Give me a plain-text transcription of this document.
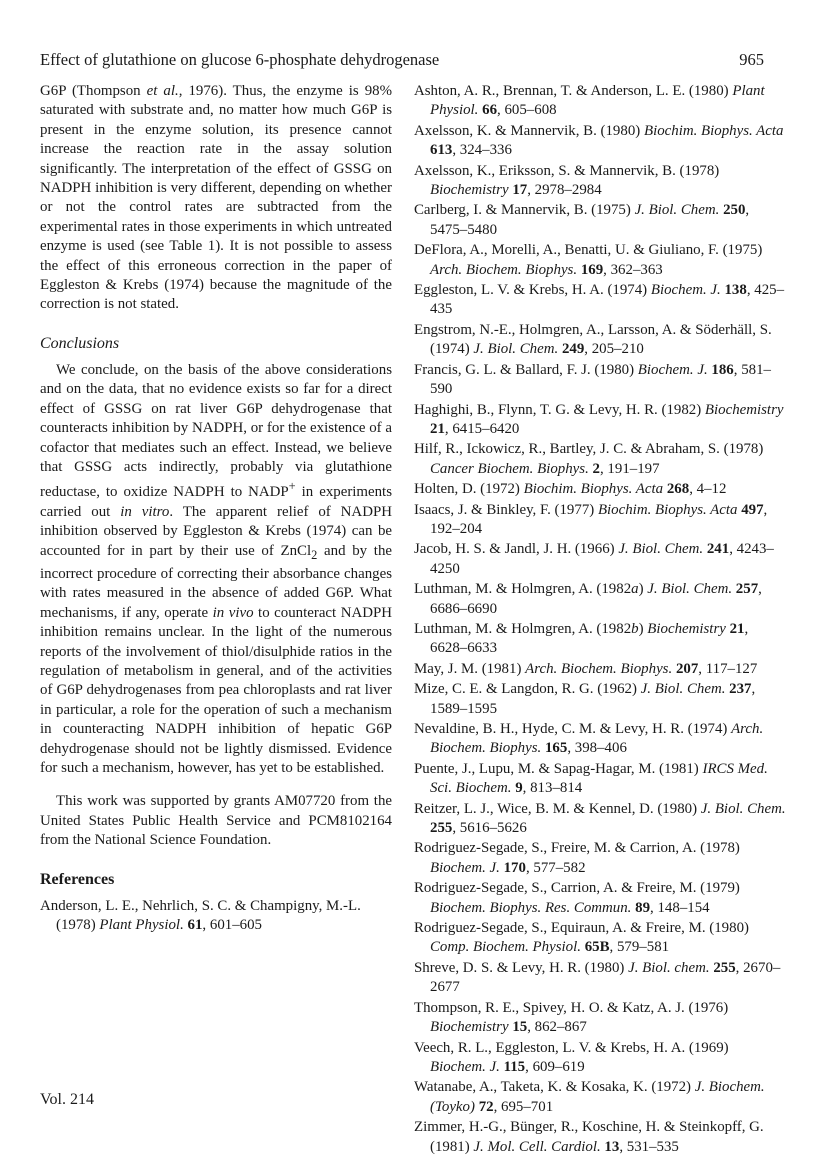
Effect of glutathione on glucose 6-phosphate dehydrogenase	965

G6P (Thompson et al., 1976). Thus, the enzyme is 98% saturated with substrate and, no matter how much G6P is present in the enzyme solution, its presence cannot increase the reaction rate in the assay solution significantly. The interpretation of the effect of GSSG on NADPH inhibition is very different, depending on whether or not the control rates are subtracted from the experimental rates in those experiments in which untreated enzyme is used (see Table 1). It is not possible to assess the effect of this erroneous correction in the paper of Eggleston & Krebs (1974) because the magnitude of the correction is not stated.

Conclusions

We conclude, on the basis of the above considerations and on the data, that no evidence exists so far for a direct effect of GSSG on rat liver G6P dehydrogenase that counteracts inhibition by NADPH, or for the existence of a cofactor that mediates such an effect. Instead, we believe that GSSG acts indirectly, probably via glutathione reductase, to oxidize NADPH to NADP+ in experiments carried out in vitro. The apparent relief of NADPH inhibition observed by Eggleston & Krebs (1974) can be accounted for in part by their use of ZnCl$_2$ and by the incorrect procedure of correcting their absorbance changes with rates measured in the absence of added G6P. What mechanisms, if any, operate in vivo to counteract NADPH inhibition remains unclear. In the light of the numerous reports of the involvement of thiol/disulphide ratios in the regulation of metabolism in general, and of the activities of G6P dehydrogenases from pea chloroplasts and rat liver in particular, a role for the operation of such a mechanism in counteracting NADPH inhibition of hepatic G6P dehydrogenase should not be lightly dismissed. Evidence for such a mechanism, however, has yet to be established.

This work was supported by grants AM07720 from the United States Public Health Service and PCM8102164 from the National Science Foundation.

References

Anderson, L. E., Nehrlich, S. C. & Champigny, M.-L. (1978) Plant Physiol. 61, 601–605

Ashton, A. R., Brennan, T. & Anderson, L. E. (1980) Plant Physiol. 66, 605–608

Axelsson, K. & Mannervik, B. (1980) Biochim. Biophys. Acta 613, 324–336

Axelsson, K., Eriksson, S. & Mannervik, B. (1978) Biochemistry 17, 2978–2984

Carlberg, I. & Mannervik, B. (1975) J. Biol. Chem. 250, 5475–5480

DeFlora, A., Morelli, A., Benatti, U. & Giuliano, F. (1975) Arch. Biochem. Biophys. 169, 362–363

Eggleston, L. V. & Krebs, H. A. (1974) Biochem. J. 138, 425–435

Engstrom, N.-E., Holmgren, A., Larsson, A. & Söderhäll, S. (1974) J. Biol. Chem. 249, 205–210

Francis, G. L. & Ballard, F. J. (1980) Biochem. J. 186, 581–590

Haghighi, B., Flynn, T. G. & Levy, H. R. (1982) Biochemistry 21, 6415–6420

Hilf, R., Ickowicz, R., Bartley, J. C. & Abraham, S. (1978) Cancer Biochem. Biophys. 2, 191–197

Holten, D. (1972) Biochim. Biophys. Acta 268, 4–12

Isaacs, J. & Binkley, F. (1977) Biochim. Biophys. Acta 497, 192–204

Jacob, H. S. & Jandl, J. H. (1966) J. Biol. Chem. 241, 4243–4250

Luthman, M. & Holmgren, A. (1982a) J. Biol. Chem. 257, 6686–6690

Luthman, M. & Holmgren, A. (1982b) Biochemistry 21, 6628–6633

May, J. M. (1981) Arch. Biochem. Biophys. 207, 117–127

Mize, C. E. & Langdon, R. G. (1962) J. Biol. Chem. 237, 1589–1595

Nevaldine, B. H., Hyde, C. M. & Levy, H. R. (1974) Arch. Biochem. Biophys. 165, 398–406

Puente, J., Lupu, M. & Sapag-Hagar, M. (1981) IRCS Med. Sci. Biochem. 9, 813–814

Reitzer, L. J., Wice, B. M. & Kennel, D. (1980) J. Biol. Chem. 255, 5616–5626

Rodriguez-Segade, S., Freire, M. & Carrion, A. (1978) Biochem. J. 170, 577–582

Rodriguez-Segade, S., Carrion, A. & Freire, M. (1979) Biochem. Biophys. Res. Commun. 89, 148–154

Rodriguez-Segade, S., Equiraun, A. & Freire, M. (1980) Comp. Biochem. Physiol. 65B, 579–581

Shreve, D. S. & Levy, H. R. (1980) J. Biol. chem. 255, 2670–2677

Thompson, R. E., Spivey, H. O. & Katz, A. J. (1976) Biochemistry 15, 862–867

Veech, R. L., Eggleston, L. V. & Krebs, H. A. (1969) Biochem. J. 115, 609–619

Watanabe, A., Taketa, K. & Kosaka, K. (1972) J. Biochem. (Toyko) 72, 695–701

Zimmer, H.-G., Bünger, R., Koschine, H. & Steinkopff, G. (1981) J. Mol. Cell. Cardiol. 13, 531–535

Vol. 214
